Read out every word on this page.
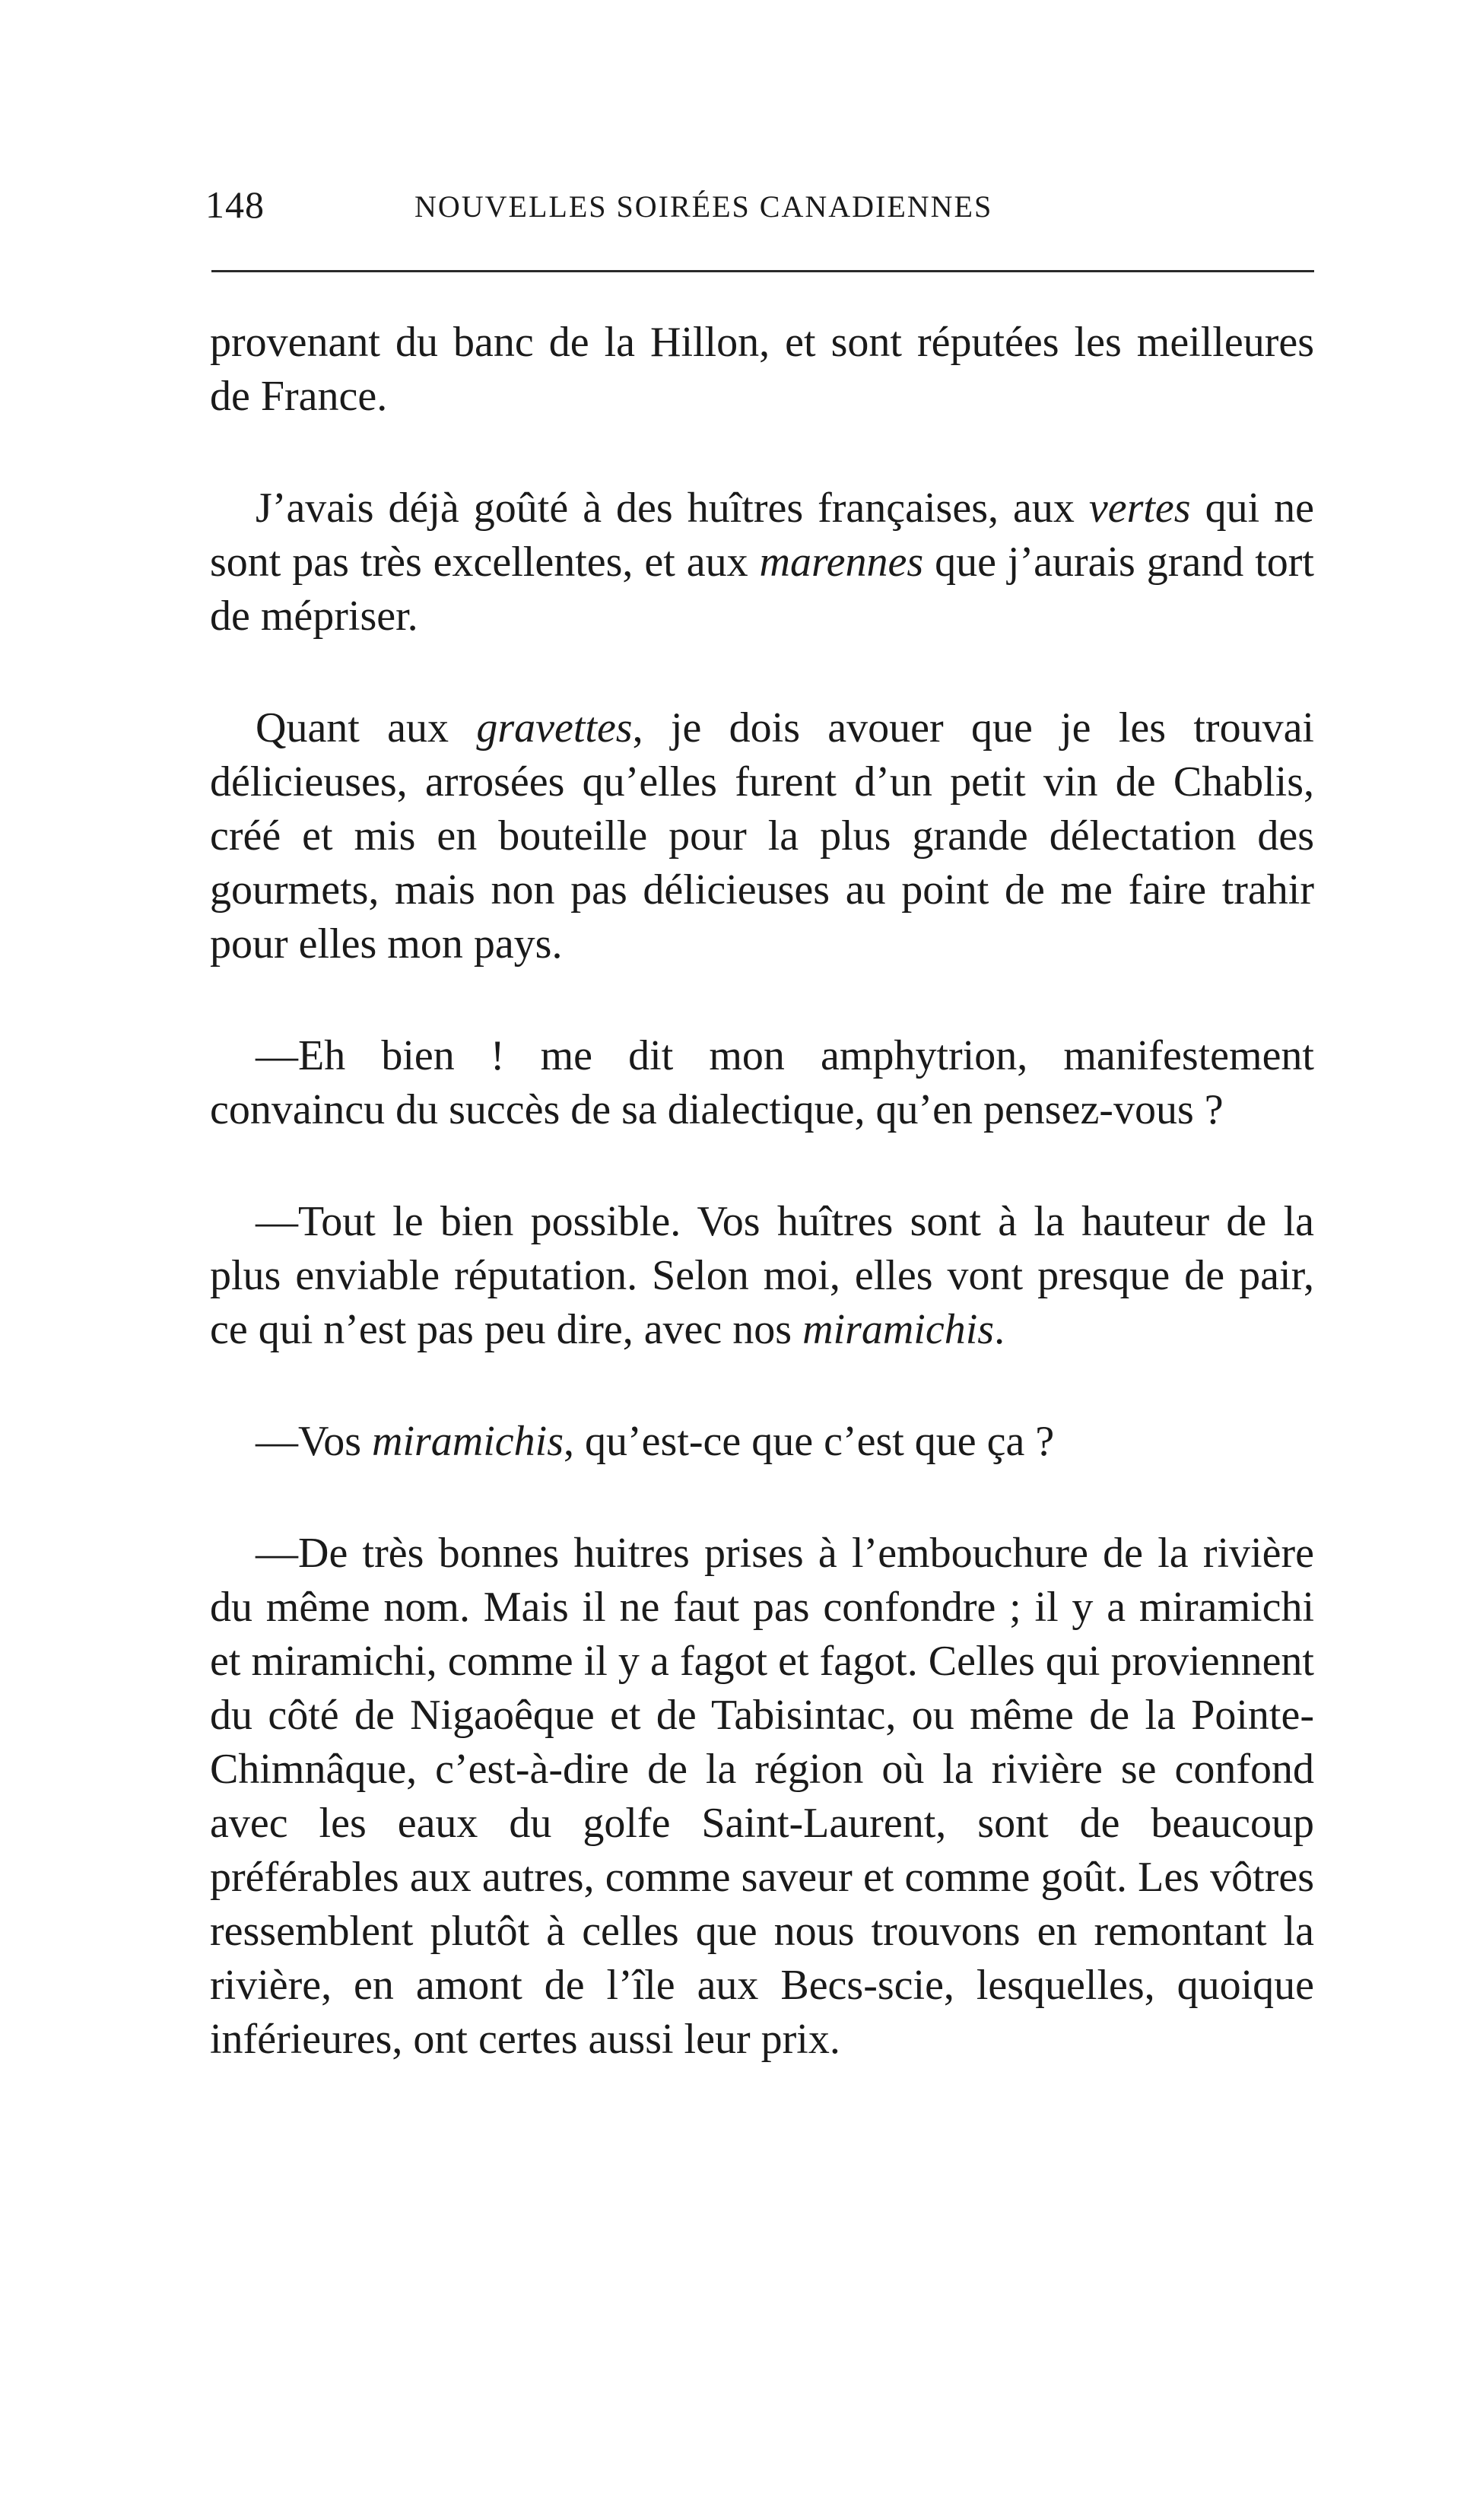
148	NOUVELLES SOIRÉES CANADIENNES

provenant du banc de la Hillon, et sont réputées les meilleures de France.

J’avais déjà goûté à des huîtres françaises, aux vertes qui ne sont pas très excellentes, et aux marennes que j’aurais grand tort de mépriser.

Quant aux gravettes, je dois avouer que je les trouvai délicieuses, arrosées qu’elles furent d’un petit vin de Chablis, créé et mis en bouteille pour la plus grande délectation des gourmets, mais non pas délicieuses au point de me faire trahir pour elles mon pays.

—Eh bien ! me dit mon amphytrion, manifestement convaincu du succès de sa dialectique, qu’en pensez-vous ?

—Tout le bien possible. Vos huîtres sont à la hauteur de la plus enviable réputation. Selon moi, elles vont presque de pair, ce qui n’est pas peu dire, avec nos miramichis.

—Vos miramichis, qu’est-ce que c’est que ça ?

—De très bonnes huitres prises à l’embouchure de la rivière du même nom. Mais il ne faut pas confondre ; il y a miramichi et miramichi, comme il y a fagot et fagot. Celles qui proviennent du côté de Nigaoêque et de Tabisintac, ou même de la Pointe-Chimnâque, c’est-à-dire de la région où la rivière se confond avec les eaux du golfe Saint-Laurent, sont de beaucoup préférables aux autres, comme saveur et comme goût. Les vôtres ressemblent plutôt à celles que nous trouvons en remontant la rivière, en amont de l’île aux Becs-scie, lesquelles, quoique inférieures, ont certes aussi leur prix.
